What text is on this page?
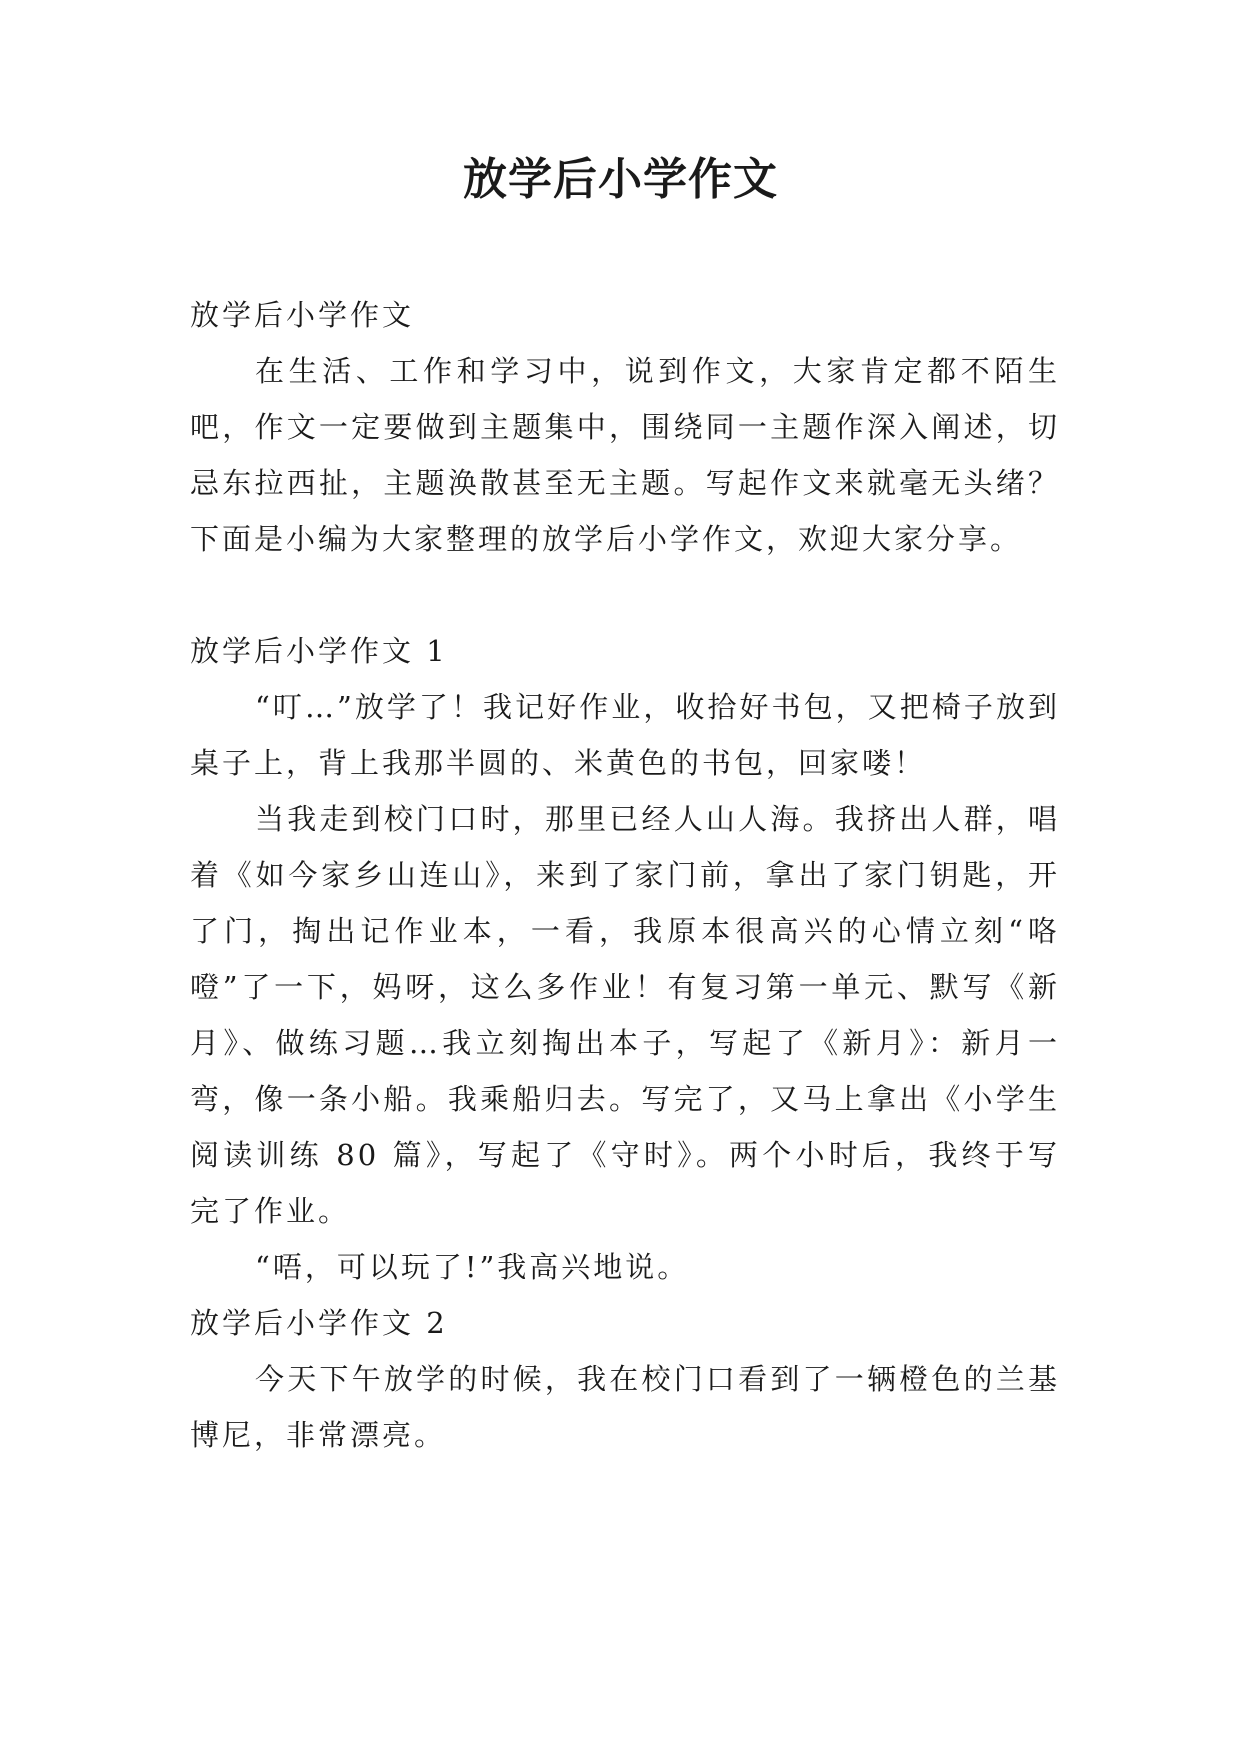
放学后小学作文

放学后小学作文

在生活、工作和学习中，说到作文，大家肯定都不陌生吧，作文一定要做到主题集中，围绕同一主题作深入阐述，切忌东拉西扯，主题涣散甚至无主题。写起作文来就毫无头绪？下面是小编为大家整理的放学后小学作文，欢迎大家分享。

放学后小学作文 1

“叮…”放学了！我记好作业，收拾好书包，又把椅子放到桌子上，背上我那半圆的、米黄色的书包，回家喽！

当我走到校门口时，那里已经人山人海。我挤出人群，唱着《如今家乡山连山》，来到了家门前，拿出了家门钥匙，开了门，掏出记作业本，一看，我原本很高兴的心情立刻“咯噔”了一下，妈呀，这么多作业！有复习第一单元、默写《新月》、做练习题…我立刻掏出本子，写起了《新月》：新月一弯，像一条小船。我乘船归去。写完了，又马上拿出《小学生阅读训练 80 篇》，写起了《守时》。两个小时后，我终于写完了作业。

“唔，可以玩了!”我高兴地说。

放学后小学作文 2

今天下午放学的时候，我在校门口看到了一辆橙色的兰基博尼，非常漂亮。
